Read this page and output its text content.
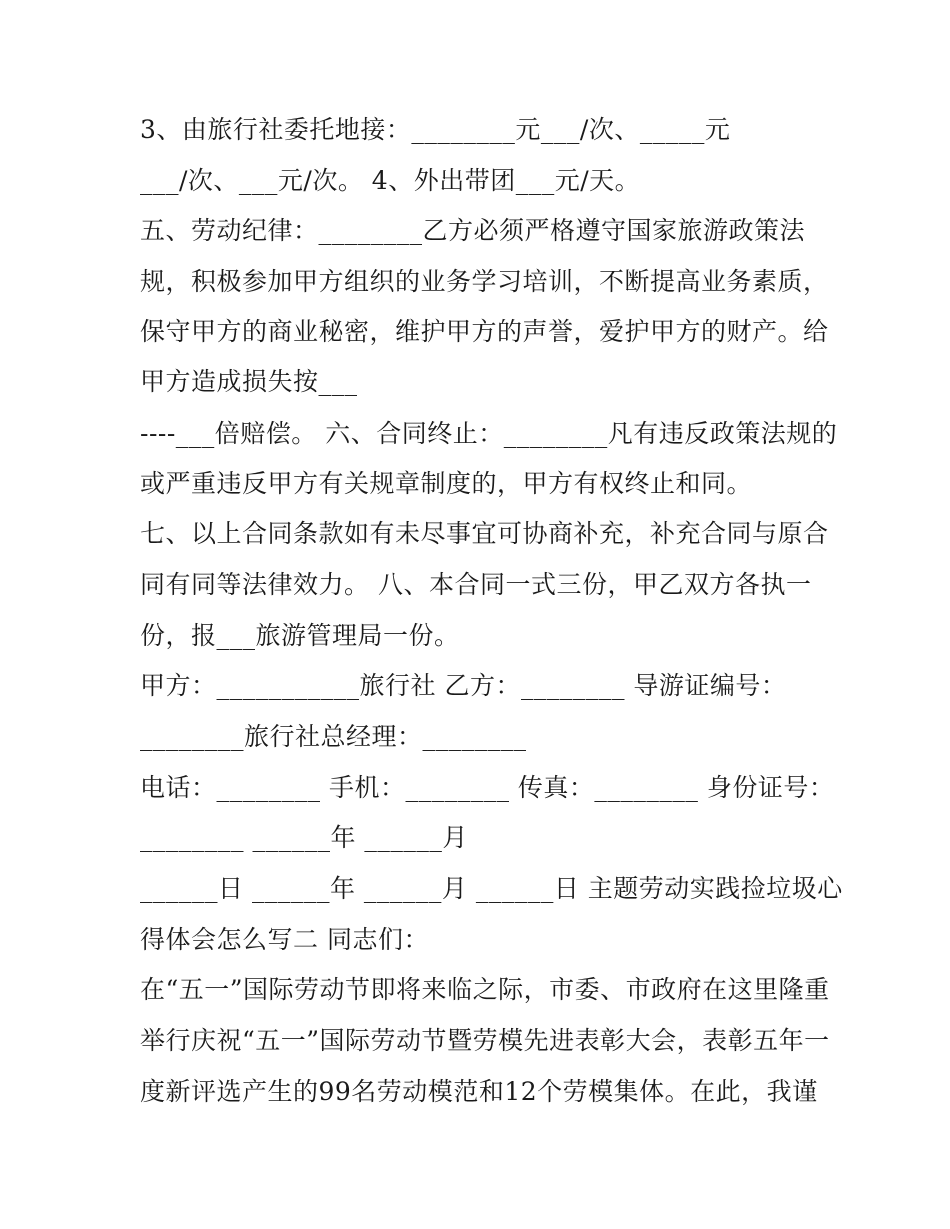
3、由旅行社委托地接：________元___/次、_____元

___/次、___元/次。 4、外出带团___元/天。

五、劳动纪律：________乙方必须严格遵守国家旅游政策法

规，积极参加甲方组织的业务学习培训，不断提高业务素质，

保守甲方的商业秘密，维护甲方的声誉，爱护甲方的财产。给

甲方造成损失按___

----___倍赔偿。 六、合同终止：________凡有违反政策法规的

或严重违反甲方有关规章制度的，甲方有权终止和同。

七、以上合同条款如有未尽事宜可协商补充，补充合同与原合

同有同等法律效力。 八、本合同一式三份，甲乙双方各执一

份，报___旅游管理局一份。

甲方：___________旅行社 乙方：________ 导游证编号：

________旅行社总经理：________

电话：________ 手机：________ 传真：________ 身份证号：

________ ______年 ______月

______日 ______年 ______月 ______日 主题劳动实践捡垃圾心

得体会怎么写二 同志们：

在“五一”国际劳动节即将来临之际，市委、市政府在这里隆重

举行庆祝“五一”国际劳动节暨劳模先进表彰大会，表彰五年一

度新评选产生的99名劳动模范和12个劳模集体。在此，我谨
